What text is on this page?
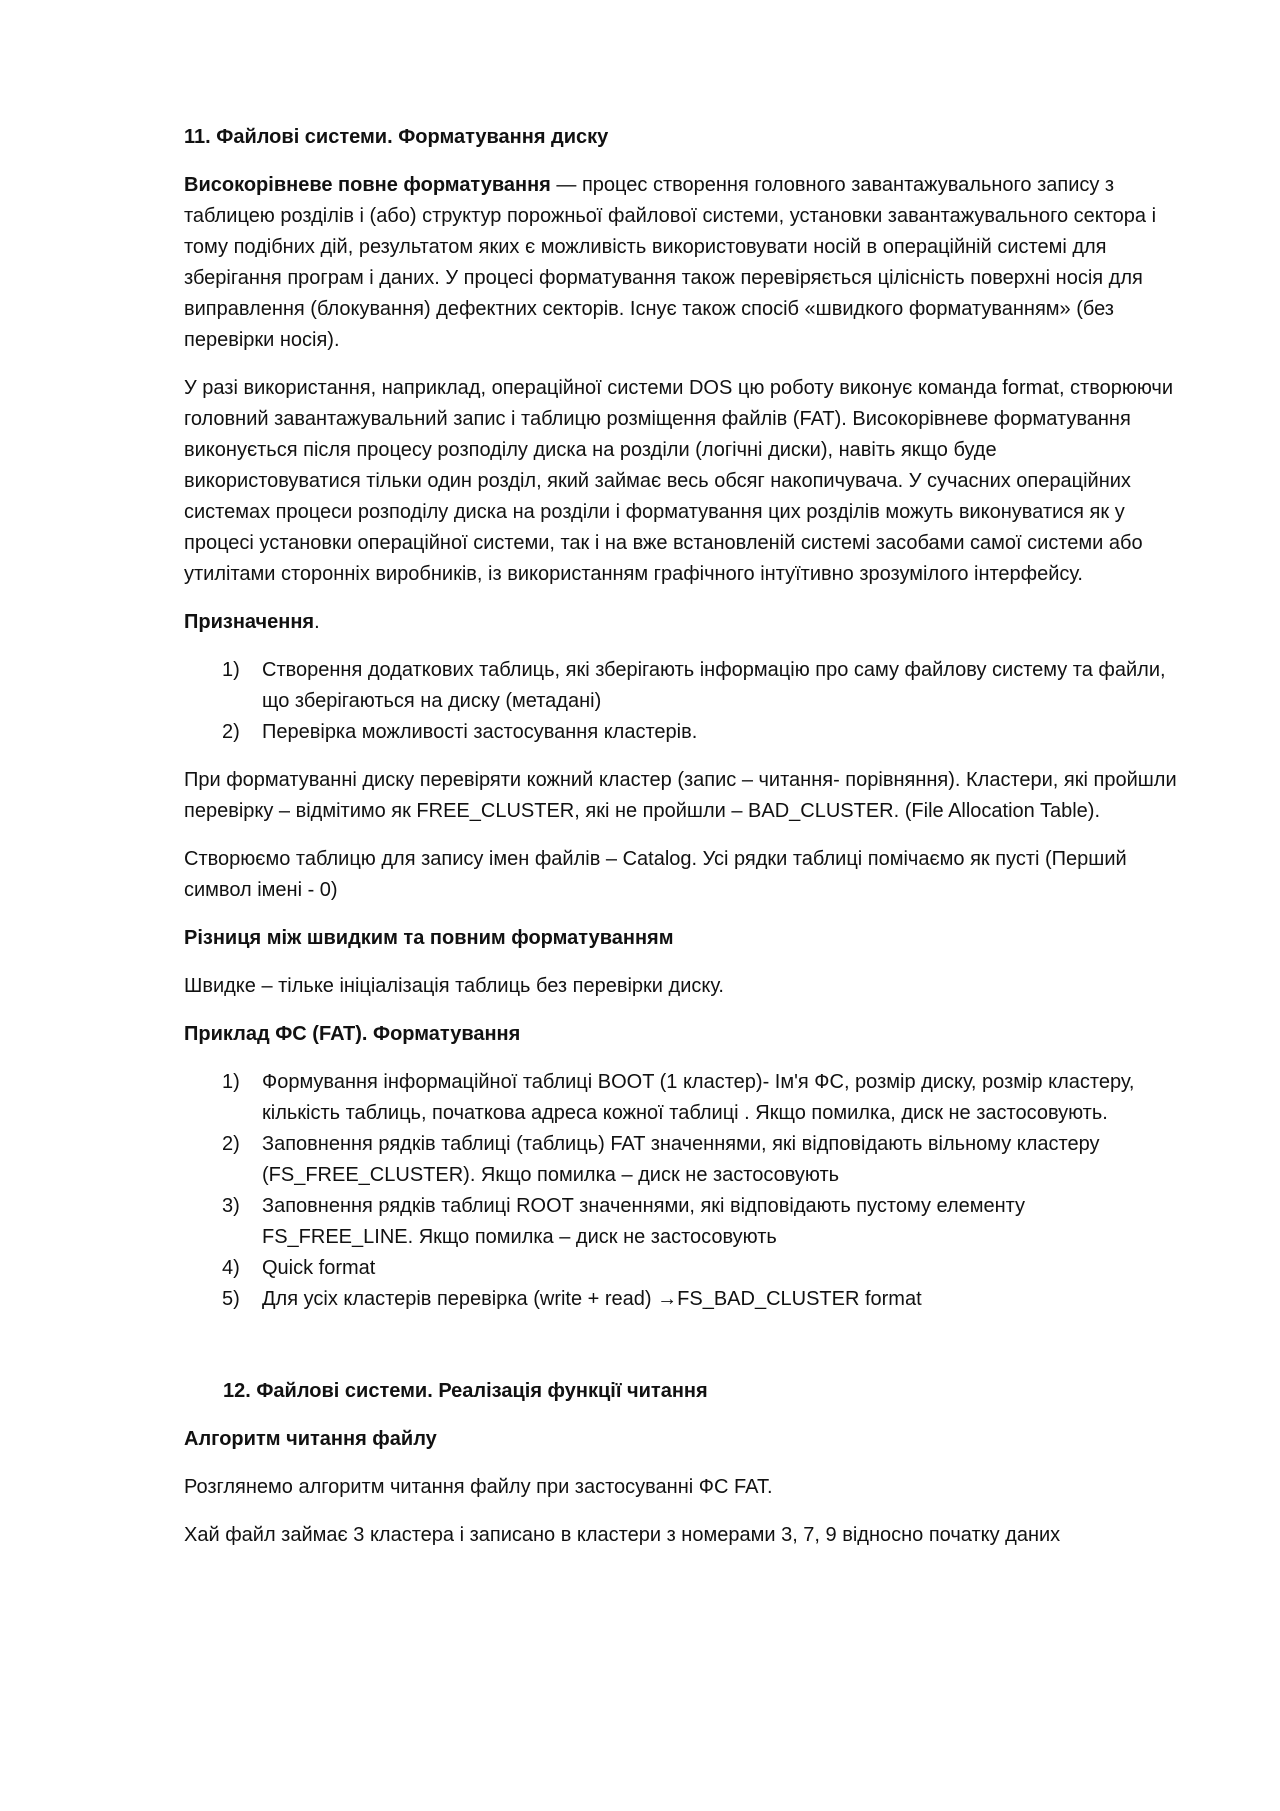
11. Файлові системи. Форматування диску

Високорівневе повне форматування — процес створення головного завантажувального запису з таблицею розділів і (або) структур порожньої файлової системи, установки завантажувального сектора і тому подібних дій, результатом яких є можливість використовувати носій в операційній системі для зберігання програм і даних. У процесі форматування також перевіряється цілісність поверхні носія для виправлення (блокування) дефектних секторів. Існує також спосіб «швидкого форматуванням» (без перевірки носія).

У разі використання, наприклад, операційної системи DOS цю роботу виконує команда format, створюючи головний завантажувальний запис і таблицю розміщення файлів (FAT). Високорівневе форматування виконується після процесу розподілу диска на розділи (логічні диски), навіть якщо буде використовуватися тільки один розділ, який займає весь обсяг накопичувача. У сучасних операційних системах процеси розподілу диска на розділи і форматування цих розділів можуть виконуватися як у процесі установки операційної системи, так і на вже встановленій системі засобами самої системи або утилітами сторонніх виробників, із використанням графічного інтуїтивно зрозумілого інтерфейсу.

Призначення.

1) Створення додаткових таблиць, які зберігають інформацію про саму файлову систему та файли, що зберігаються на диску (метадані)
2) Перевірка можливості застосування кластерів.

При форматуванні диску перевіряти кожний кластер (запис – читання- порівняння). Кластери, які пройшли перевірку – відмітимо як FREE_CLUSTER, які не пройшли – BAD_CLUSTER. (File Allocation Table).

Створюємо таблицю для запису імен файлів – Catalog. Усі рядки таблиці помічаємо як пусті (Перший символ імені - 0)

Різниця між швидким та повним форматуванням

Швидке – тільке ініціалізація таблиць без перевірки диску.

Приклад ФС (FAT). Форматування

1) Формування інформаційної таблиці BOOT (1 кластер)- Ім'я ФС, розмір диску, розмір кластеру, кількість таблиць, початкова адреса кожної таблиці . Якщо помилка, диск не застосовують.
2) Заповнення рядків таблиці (таблиць) FAT значеннями, які відповідають вільному кластеру (FS_FREE_CLUSTER). Якщо помилка – диск не застосовують
3) Заповнення рядків таблиці ROOT значеннями, які відповідають пустому елементу FS_FREE_LINE. Якщо помилка – диск не застосовують
4) Quick format
5) Для усіх кластерів перевірка (write + read) →FS_BAD_CLUSTER format
12. Файлові системи. Реалізація функції читання

Алгоритм читання файлу

Розглянемо алгоритм читання файлу при застосуванні ФС FAT.

Хай файл займає 3 кластера і записано в кластери з номерами 3, 7, 9 відносно початку даних
